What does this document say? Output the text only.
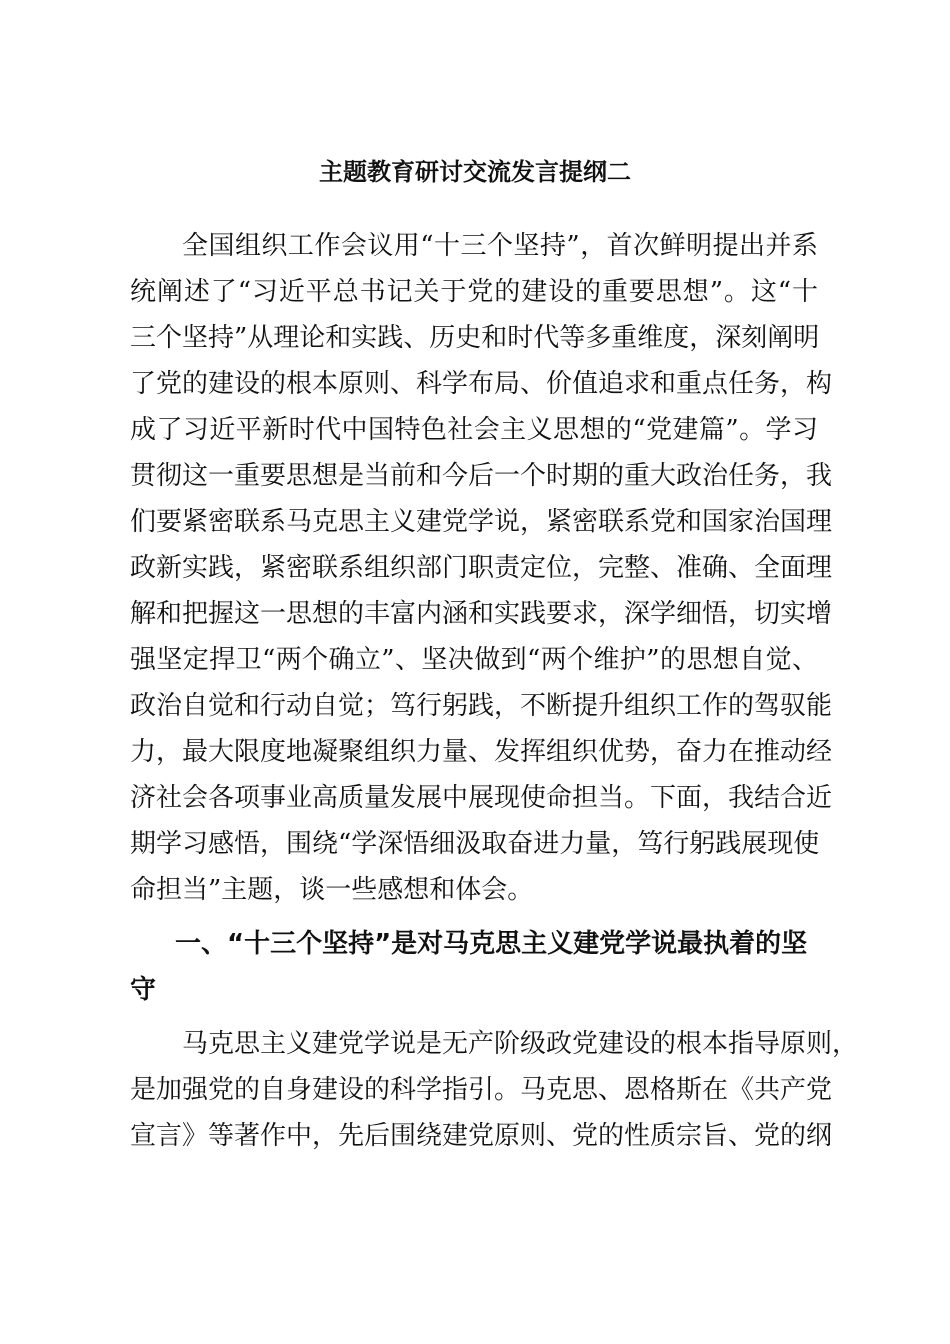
主题教育研讨交流发言提纲二
全国组织工作会议用“十三个坚持”，首次鲜明提出并系
统阐述了“习近平总书记关于党的建设的重要思想”。这“十
三个坚持”从理论和实践、历史和时代等多重维度，深刻阐明
了党的建设的根本原则、科学布局、价值追求和重点任务，构
成了习近平新时代中国特色社会主义思想的“党建篇”。学习
贯彻这一重要思想是当前和今后一个时期的重大政治任务，我
们要紧密联系马克思主义建党学说，紧密联系党和国家治国理
政新实践，紧密联系组织部门职责定位，完整、准确、全面理
解和把握这一思想的丰富内涵和实践要求，深学细悟，切实增
强坚定捍卫“两个确立”、坚决做到“两个维护”的思想自觉、
政治自觉和行动自觉；笃行躬践，不断提升组织工作的驾驭能
力，最大限度地凝聚组织力量、发挥组织优势，奋力在推动经
济社会各项事业高质量发展中展现使命担当。下面，我结合近
期学习感悟，围绕“学深悟细汲取奋进力量，笃行躬践展现使
命担当”主题，谈一些感想和体会。
一、“十三个坚持”是对马克思主义建党学说最执着的坚
守
马克思主义建党学说是无产阶级政党建设的根本指导原则，
是加强党的自身建设的科学指引。马克思、恩格斯在《共产党
宣言》等著作中，先后围绕建党原则、党的性质宗旨、党的纲
